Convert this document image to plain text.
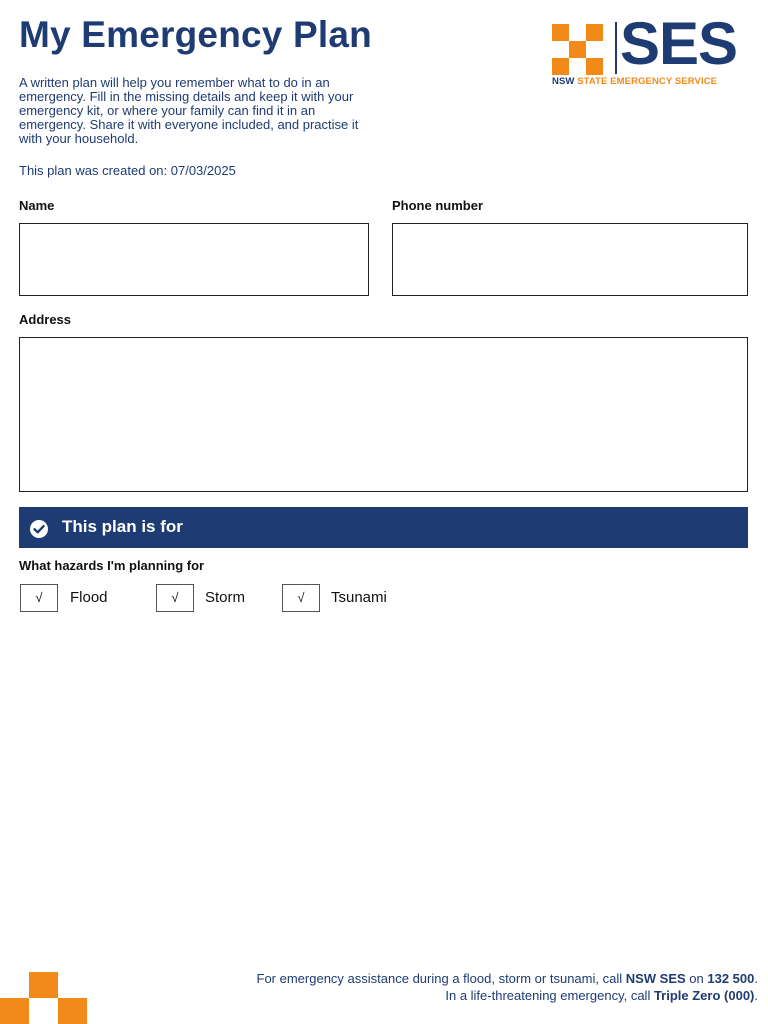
My Emergency Plan
A written plan will help you remember what to do in an emergency. Fill in the missing details and keep it with your emergency kit, or where your family can find it in an emergency. Share it with everyone included, and practise it with your household.
This plan was created on: 07/03/2025
SES
NSW STATE EMERGENCY SERVICE
Name	Phone number
Address
This plan is for
What hazards I'm planning for
√	Flood	√	Storm	√	Tsunami
For emergency assistance during a flood, storm or tsunami, call NSW SES on 132 500.
In a life-threatening emergency, call Triple Zero (000).
